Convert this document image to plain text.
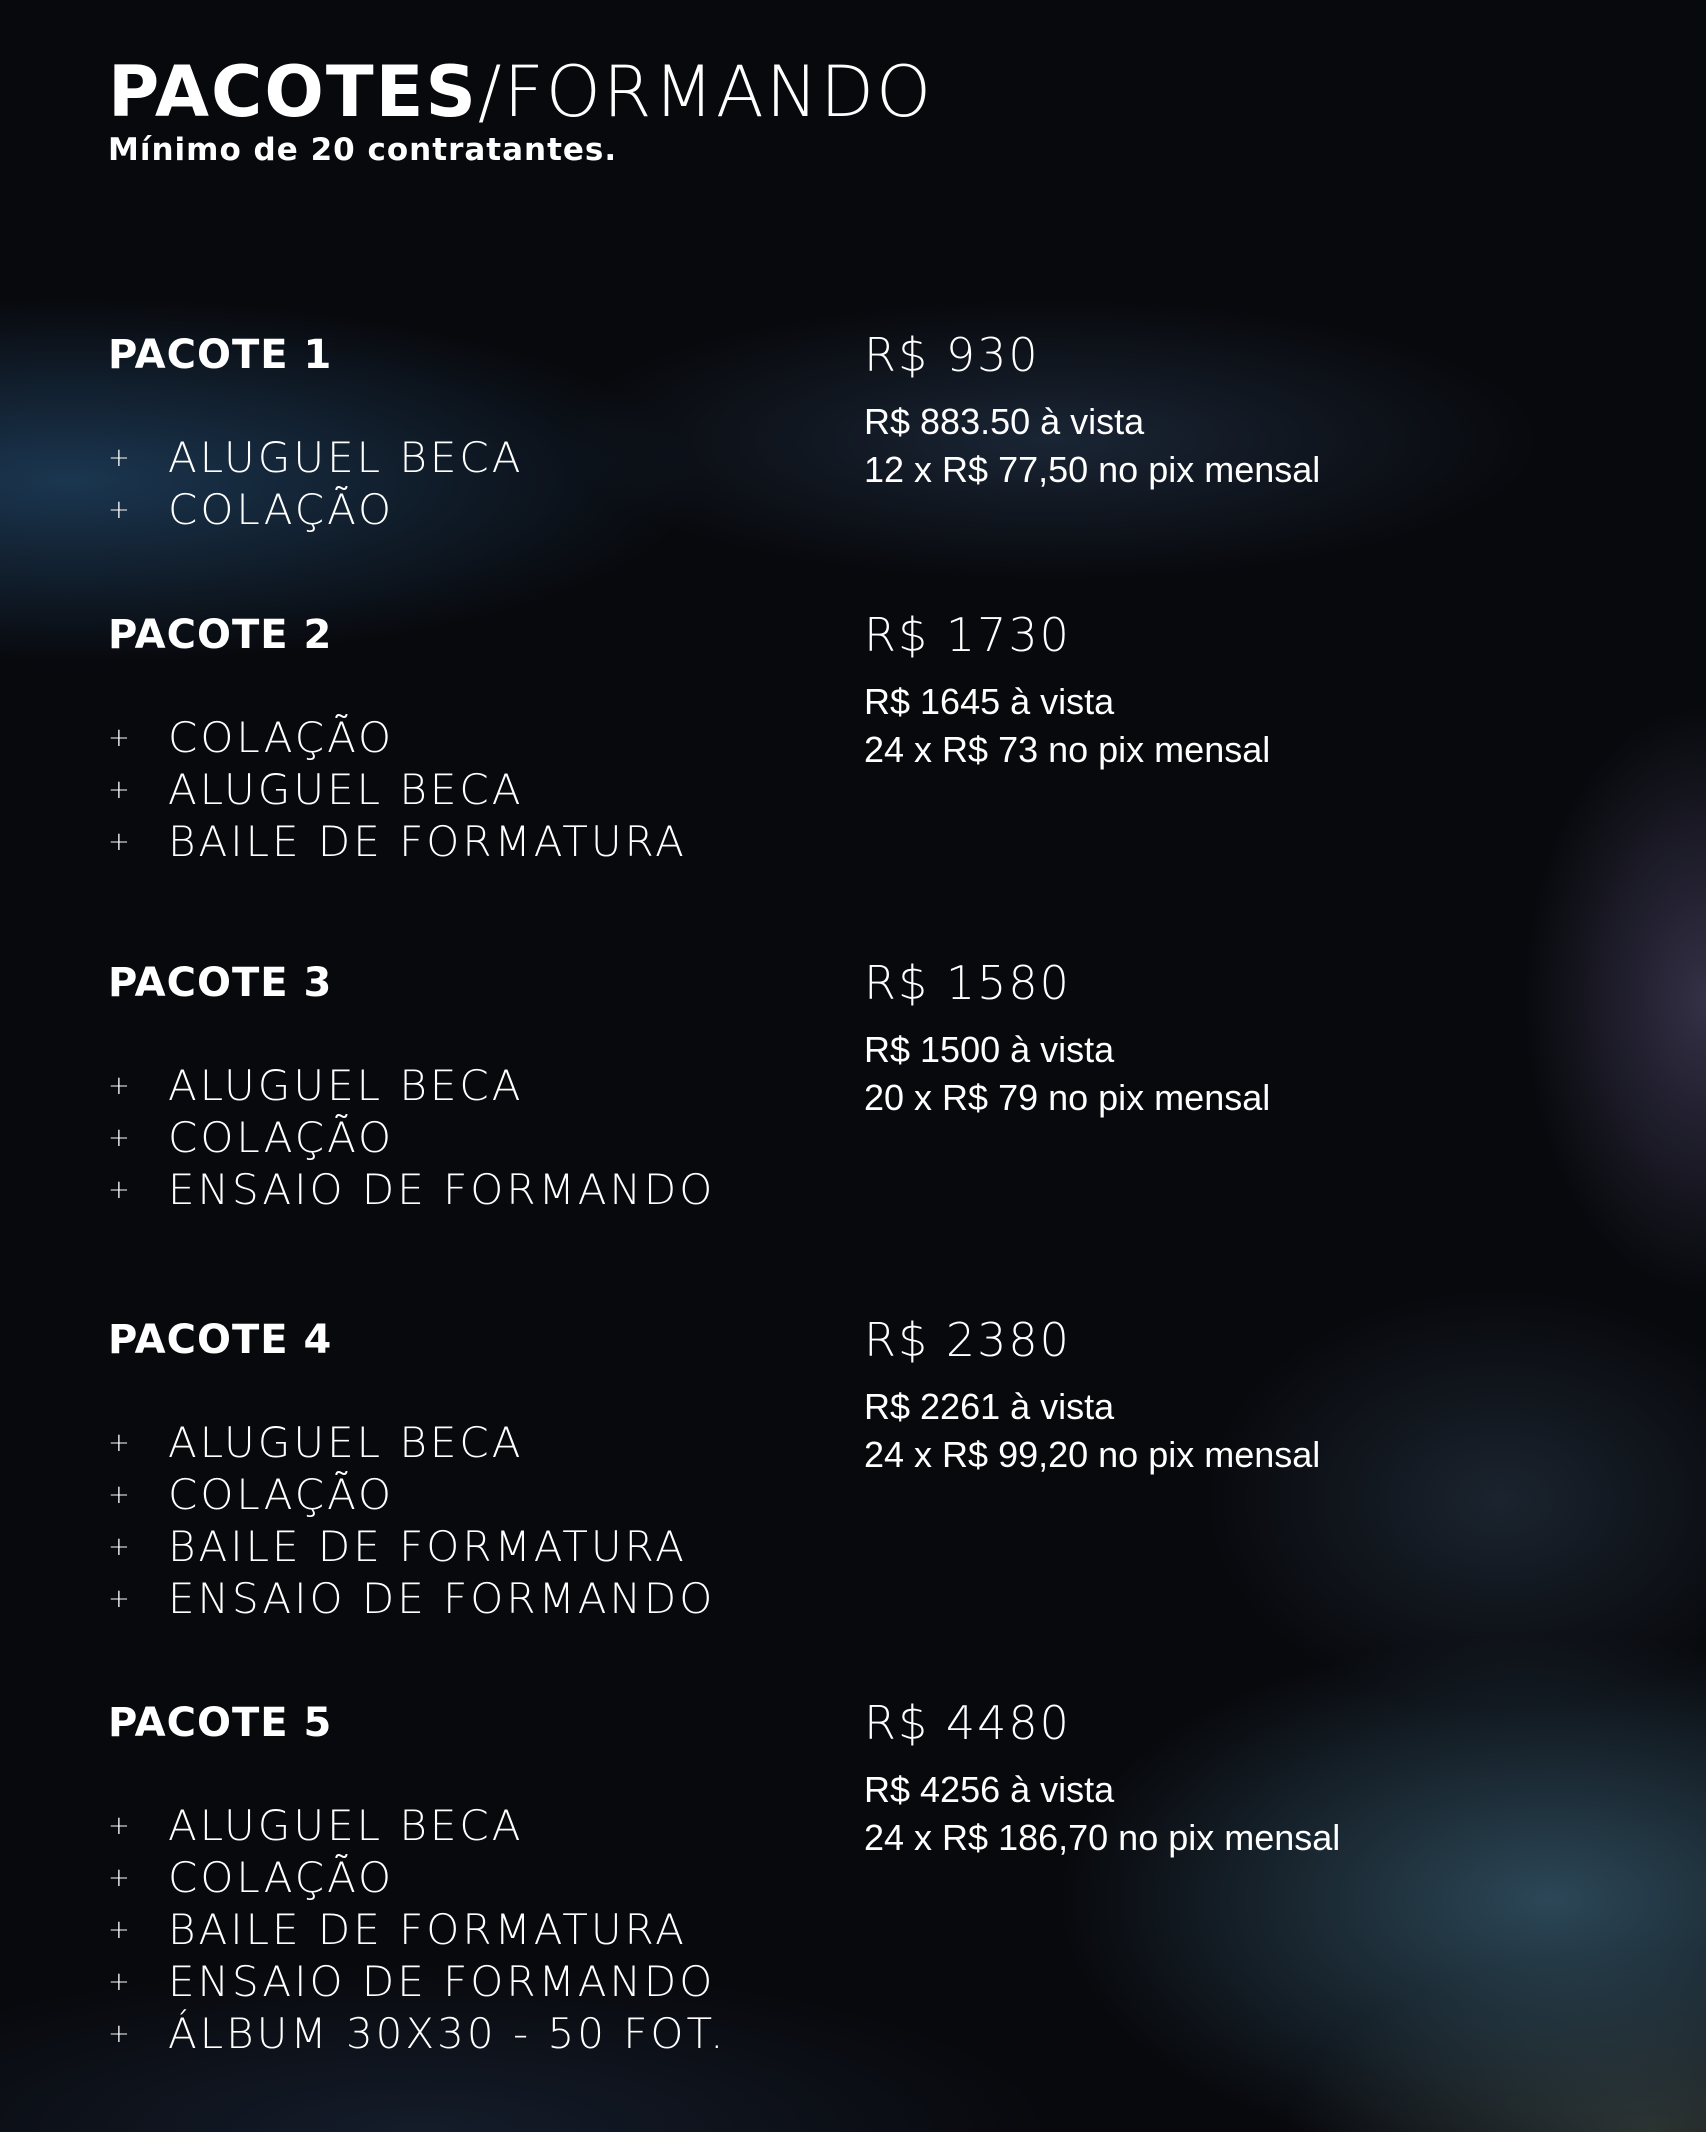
PACOTES/FORMANDO
Mínimo de 20 contratantes.
PACOTE 1
+ ALUGUEL BECA
+ COLAÇÃO
R$ 930
R$ 883.50 à vista
12 x R$ 77,50 no pix mensal
PACOTE 2
+ COLAÇÃO
+ ALUGUEL BECA
+ BAILE DE FORMATURA
R$ 1730
R$ 1645 à vista
24 x R$ 73 no pix mensal
PACOTE 3
+ ALUGUEL BECA
+ COLAÇÃO
+ ENSAIO DE FORMANDO
R$ 1580
R$ 1500 à vista
20 x R$ 79 no pix mensal
PACOTE 4
+ ALUGUEL BECA
+ COLAÇÃO
+ BAILE DE FORMATURA
+ ENSAIO DE FORMANDO
R$ 2380
R$ 2261 à vista
24 x R$ 99,20 no pix mensal
PACOTE 5
+ ALUGUEL BECA
+ COLAÇÃO
+ BAILE DE FORMATURA
+ ENSAIO DE FORMANDO
+ ÁLBUM 30X30 - 50 FOT.
R$ 4480
R$ 4256 à vista
24 x R$ 186,70 no pix mensal
